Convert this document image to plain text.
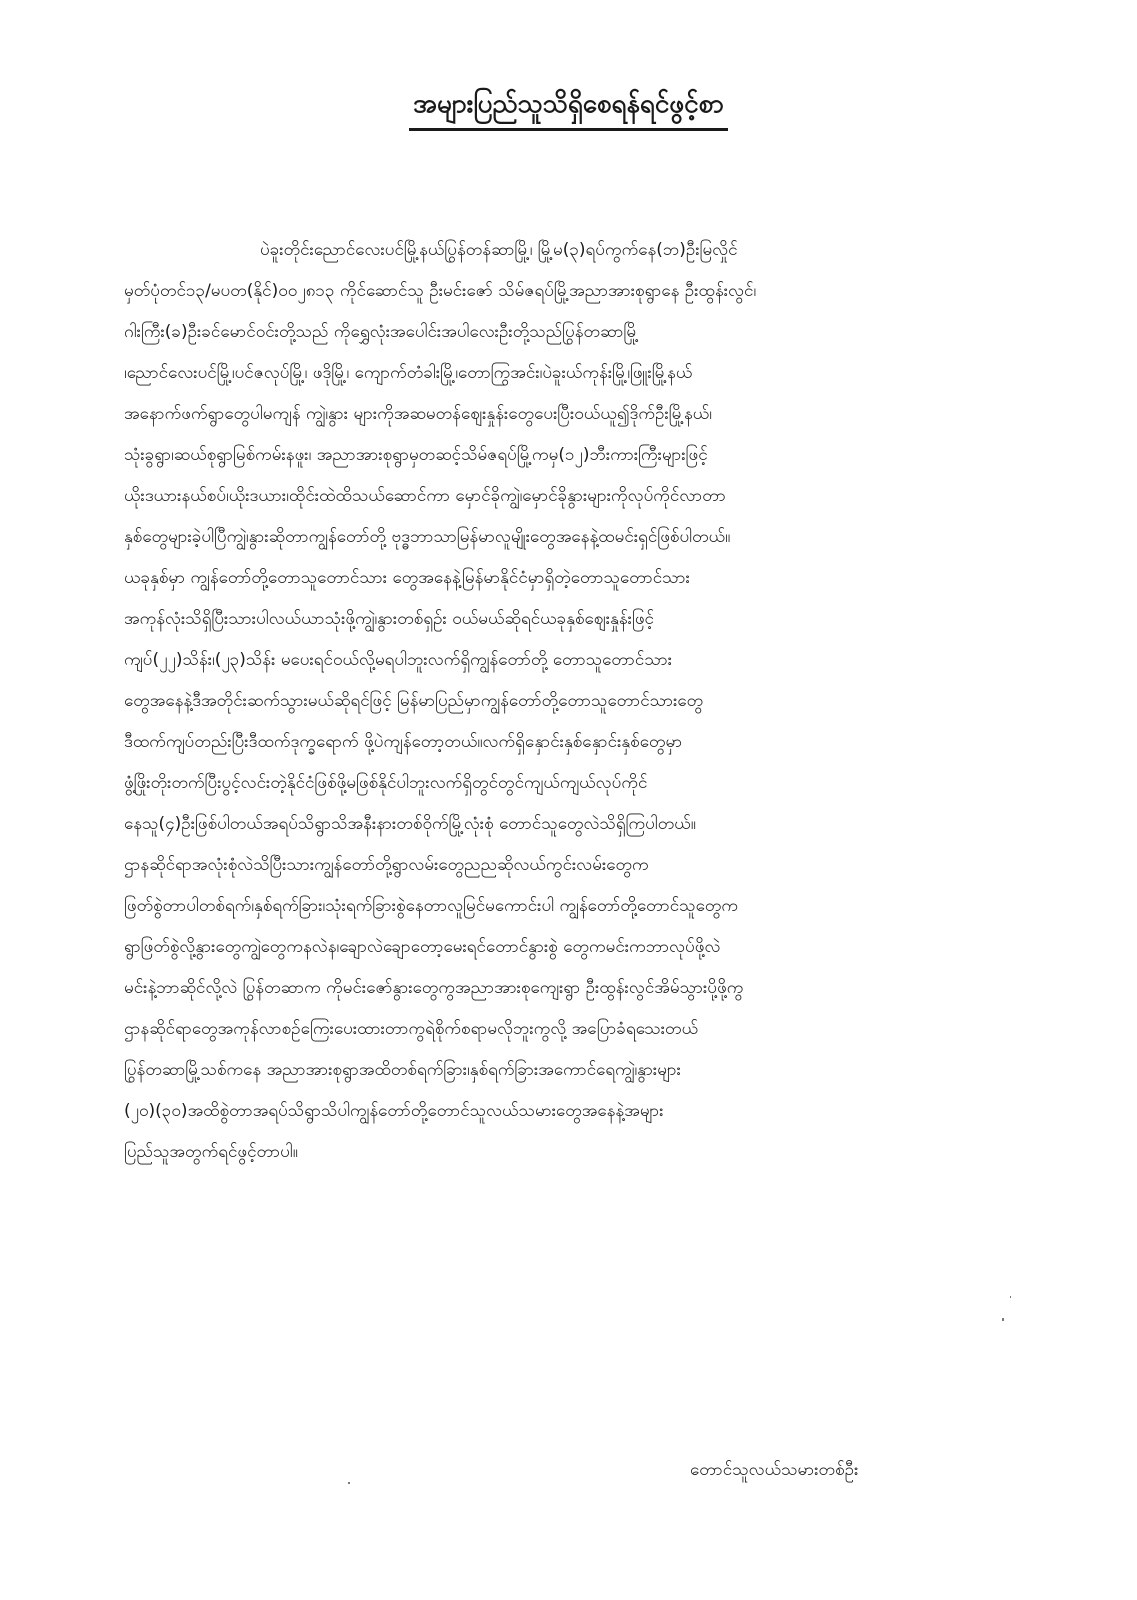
အများပြည်သူသိရှိစေရန်ရင်ဖွင့်စာ
ပဲခူးတိုင်းညောင်လေးပင်မြို့နယ်ပြွန်တန်ဆာမြို့၊ မြို့မ(၃)ရပ်ကွက်နေ(ဘ)ဦးမြလှိုင်
မှတ်ပုံတင်၁၃/မပတ(နိုင်)၀၀၂၈၁၃ ကိုင်ဆောင်သူ ဦးမင်းဇော် သိမ်ဇရပ်မြို့အညာအားစုရွာနေ ဦးထွန်းလွင်၊
ဂါးကြီး(ခ)ဦးခင်မောင်ဝင်းတို့သည် ကိုရွှေလုံးအပေါင်းအပါလေးဦးတို့သည်ပြွန်တဆာမြို့
၊ညောင်လေးပင်မြို့၊ပင်ဇလုပ်မြို့၊ ဖဒိုမြို့၊ ကျောက်တံခါးမြို့၊တောကြွအင်း၊ပဲခူးယ်ကုန်းမြို့၊ဖြူးမြို့နယ်
အနောက်ဖက်ရွာတွေပါမကျန် ကျွဲ၊နွား များကိုအဆမတန်ဈေးနှုန်းတွေပေးပြီးဝယ်ယူ၍ဒိုက်ဦးမြို့နယ်၊
သုံးခွရွာ၊ဆယ်စုရွာမြစ်ကမ်းနဖူး၊ အညာအားစုရွာမှတဆင့်သိမ်ဇရပ်မြို့ကမှ(၁၂)ဘီးကားကြီးများဖြင့်
ယိုးဒယားနယ်စပ်၊ယိုးဒယား၊ထိုင်းထဲထိသယ်ဆောင်ကာ မှောင်ခိုကျွဲ၊မှောင်ခိုနွားများကိုလုပ်ကိုင်လာတာ
နှစ်တွေများခဲ့ပါပြီကျွဲ၊နွားဆိုတာကျွန်တော်တို့ ဗုဒ္ဓဘာသာမြန်မာလူမျိုးတွေအနေနဲ့ထမင်းရှင်ဖြစ်ပါတယ်။
ယခုနှစ်မှာ ကျွန်တော်တို့တောသူတောင်သား တွေအနေနဲ့မြန်မာနိုင်ငံမှာရှိတဲ့တောသူတောင်သား
အကုန်လုံးသိရှိပြီးသားပါလယ်ယာသုံးဖို့ကျွဲ၊နွားတစ်ရှဉ်း ဝယ်မယ်ဆိုရင်ယခုနှစ်ဈေးနှုန်းဖြင့်
ကျပ်(၂၂)သိန်း၊(၂၃)သိန်း မပေးရင်ဝယ်လို့မရပါဘူးလက်ရှိကျွန်တော်တို့ တောသူတောင်သား
တွေအနေနဲ့ဒီအတိုင်းဆက်သွားမယ်ဆိုရင်ဖြင့် မြန်မာပြည်မှာကျွန်တော်တို့တောသူတောင်သားတွေ
ဒီထက်ကျပ်တည်းပြီးဒီထက်ဒုက္ခရောက် ဖို့ပဲကျန်တော့တယ်။လက်ရှိနှောင်းနှစ်နှောင်းနှစ်တွေမှာ
ဖွံ့ဖြိုးတိုးတက်ပြီးပွင့်လင်းတဲ့နိုင်ငံဖြစ်ဖို့မဖြစ်နိုင်ပါဘူးလက်ရှိတွင်တွင်ကျယ်ကျယ်လုပ်ကိုင်
နေသူ(၄)ဦးဖြစ်ပါတယ်အရပ်သိရွာသိအနီးနားတစ်ဝိုက်မြို့လုံးစုံ တောင်သူတွေလဲသိရှိကြပါတယ်။
ဌာနဆိုင်ရာအလုံးစုံလဲသိပြီးသားကျွန်တော်တို့ရွာလမ်းတွေညညဆိုလယ်ကွင်းလမ်းတွေက
ဖြတ်စွဲတာပါတစ်ရက်၊နှစ်ရက်ခြား၊သုံးရက်ခြားစွဲနေတာလူမြင်မကောင်းပါ ကျွန်တော်တို့တောင်သူတွေက
ရွာဖြတ်စွဲလို့နွားတွေကျွဲတွေကနလဲန၊ချောလဲချောတော့မေးရင်တောင်နွားစွဲ တွေကမင်းကဘာလုပ်ဖို့လဲ
မင်းနဲ့ဘာဆိုင်လို့လဲ ပြွန်တဆာက ကိုမင်းဇော်နွားတွေကွအညာအားစုကျေးရွာ ဦးထွန်းလွင်အိမ်သွားပို့ဖို့ကွ
ဌာနဆိုင်ရာတွေအကုန်လာစဉ်ကြေးပေးထားတာကွရဲစိုက်စရာမလိုဘူးကွလို့ အပြောခံရသေးတယ်
ပြွန်တဆာမြို့သစ်ကနေ အညာအားစုရွာအထိတစ်ရက်ခြား၊နှစ်ရက်ခြားအကောင်ရေကျွဲ၊နွားများ
(၂၀)(၃၀)အထိစွဲတာအရပ်သိရွာသိပါကျွန်တော်တို့တောင်သူလယ်သမားတွေအနေနဲ့အများ
ပြည်သူအတွက်ရင်ဖွင့်တာပါ။
တောင်သူလယ်သမားတစ်ဦး
